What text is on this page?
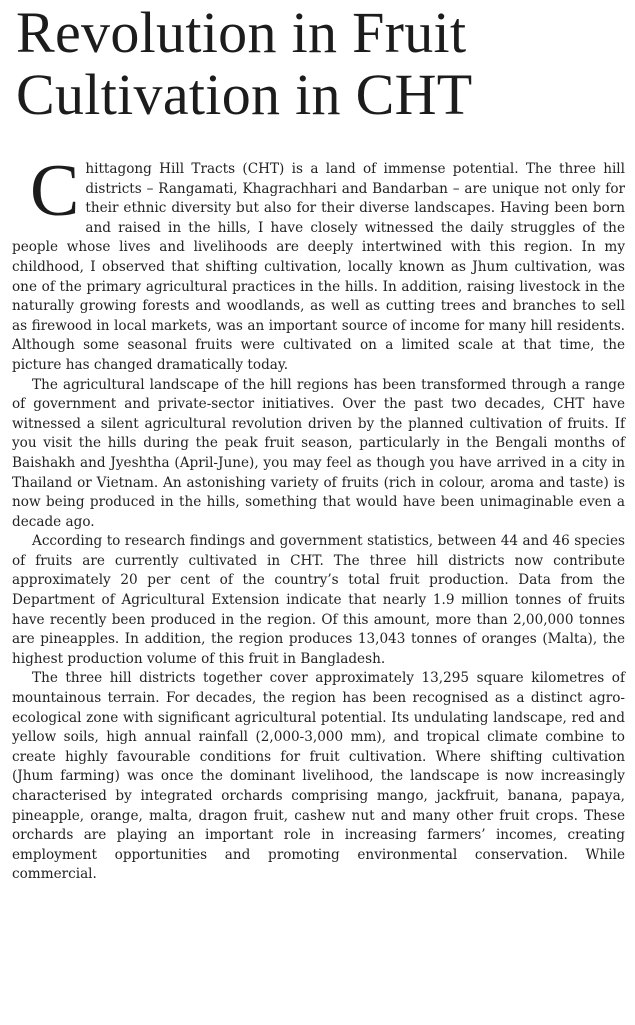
Revolution in Fruit
Cultivation in CHT

Chittagong Hill Tracts (CHT) is a land of immense potential. The three hill districts – Rangamati, Khagrachhari and Bandarban – are unique not only for their ethnic diversity but also for their diverse landscapes. Having been born and raised in the hills, I have closely witnessed the daily struggles of the people whose lives and livelihoods are deeply intertwined with this region. In my childhood, I observed that shifting cultivation, locally known as Jhum cultivation, was one of the primary agricultural practices in the hills. In addition, raising livestock in the naturally growing forests and woodlands, as well as cutting trees and branches to sell as firewood in local markets, was an important source of income for many hill residents. Although some seasonal fruits were cultivated on a limited scale at that time, the picture has changed dramatically today.

The agricultural landscape of the hill regions has been transformed through a range of government and private-sector initiatives. Over the past two decades, CHT have witnessed a silent agricultural revolution driven by the planned cultivation of fruits. If you visit the hills during the peak fruit season, particularly in the Bengali months of Baishakh and Jyeshtha (April-June), you may feel as though you have arrived in a city in Thailand or Vietnam. An astonishing variety of fruits (rich in colour, aroma and taste) is now being produced in the hills, something that would have been unimaginable even a decade ago.

According to research findings and government statistics, between 44 and 46 species of fruits are currently cultivated in CHT. The three hill districts now contribute approximately 20 per cent of the country’s total fruit production. Data from the Department of Agricultural Extension indicate that nearly 1.9 million tonnes of fruits have recently been produced in the region. Of this amount, more than 2,00,000 tonnes are pineapples. In addition, the region produces 13,043 tonnes of oranges (Malta), the highest production volume of this fruit in Bangladesh.

The three hill districts together cover approximately 13,295 square kilometres of mountainous terrain. For decades, the region has been recognised as a distinct agro-ecological zone with significant agricultural potential. Its undulating landscape, red and yellow soils, high annual rainfall (2,000-3,000 mm), and tropical climate combine to create highly favourable conditions for fruit cultivation. Where shifting cultivation (Jhum farming) was once the dominant livelihood, the landscape is now increasingly characterised by integrated orchards comprising mango, jackfruit, banana, papaya, pineapple, orange, malta, dragon fruit, cashew nut and many other fruit crops. These orchards are playing an important role in increasing farmers’ incomes, creating employment opportunities and promoting environmental conservation. While commercial.
